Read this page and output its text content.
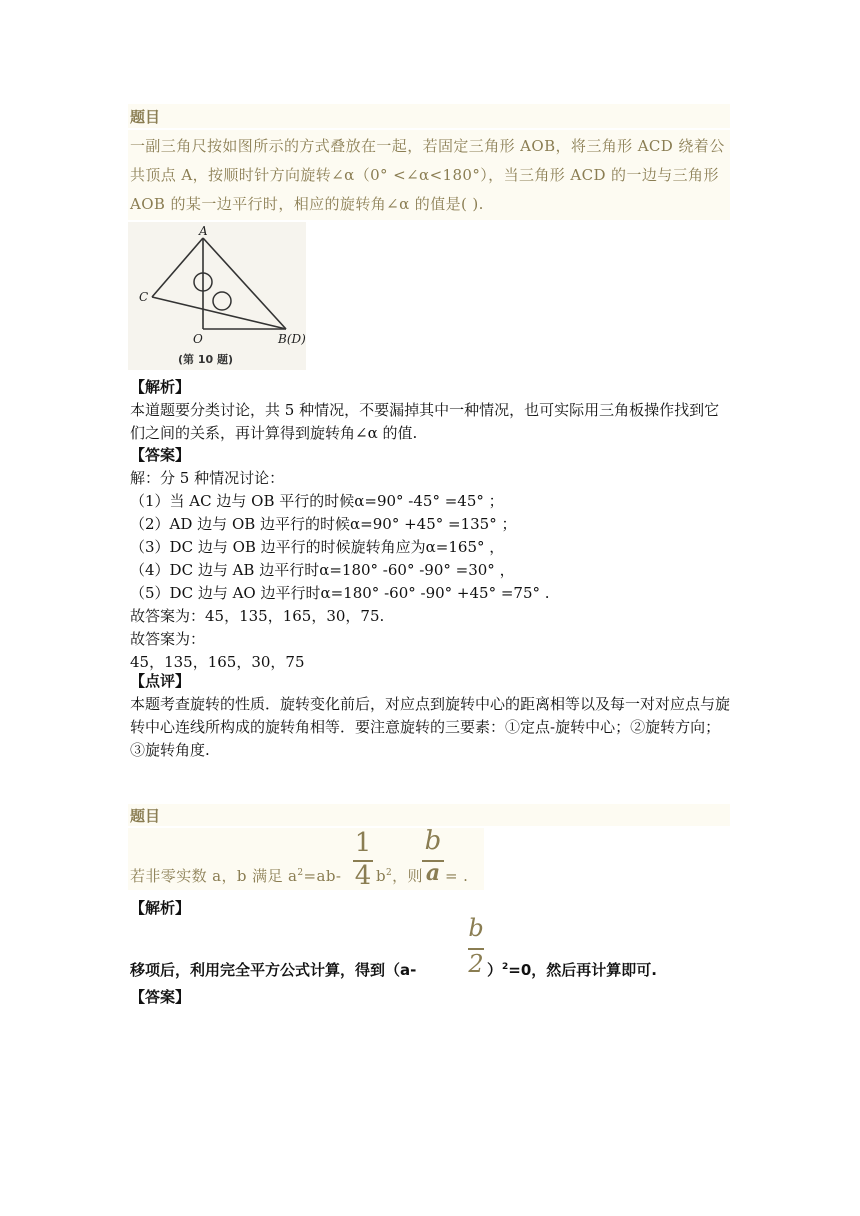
题目
一副三角尺按如图所示的方式叠放在一起，若固定三角形 AOB，将三角形 ACD 绕着公共顶点 A，按顺时针方向旋转∠α（0° <∠α<180°），当三角形 ACD 的一边与三角形 AOB 的某一边平行时，相应的旋转角∠α 的值是( ).
A
C
O	B(D)
(第 10 题)
【解析】
本道题要分类讨论，共 5 种情况，不要漏掉其中一种情况，也可实际用三角板操作找到它们之间的关系，再计算得到旋转角∠α 的值.
【答案】
解：分 5 种情况讨论：
（1）当 AC 边与 OB 平行的时候α=90° -45° =45° ；
（2）AD 边与 OB 边平行的时候α=90° +45° =135° ；
（3）DC 边与 OB 边平行的时候旋转角应为α=165° ，
（4）DC 边与 AB 边平行时α=180° -60° -90° =30° ，
（5）DC 边与 AO 边平行时α=180° -60° -90° +45° =75° .
故答案为：45，135，165，30，75.
故答案为：
45，135，165，30，75
【点评】
本题考查旋转的性质．旋转变化前后，对应点到旋转中心的距离相等以及每一对对应点与旋转中心连线所构成的旋转角相等．要注意旋转的三要素：①定点-旋转中心；②旋转方向；③旋转角度.
题目
若非零实数 a，b 满足 $a^2=ab-$
1
4 $b^2$，则
b
a = .
【解析】
移项后，利用完全平方公式计算，得到（a-
b
2 ）$^2$=0，然后再计算即可.
【答案】
